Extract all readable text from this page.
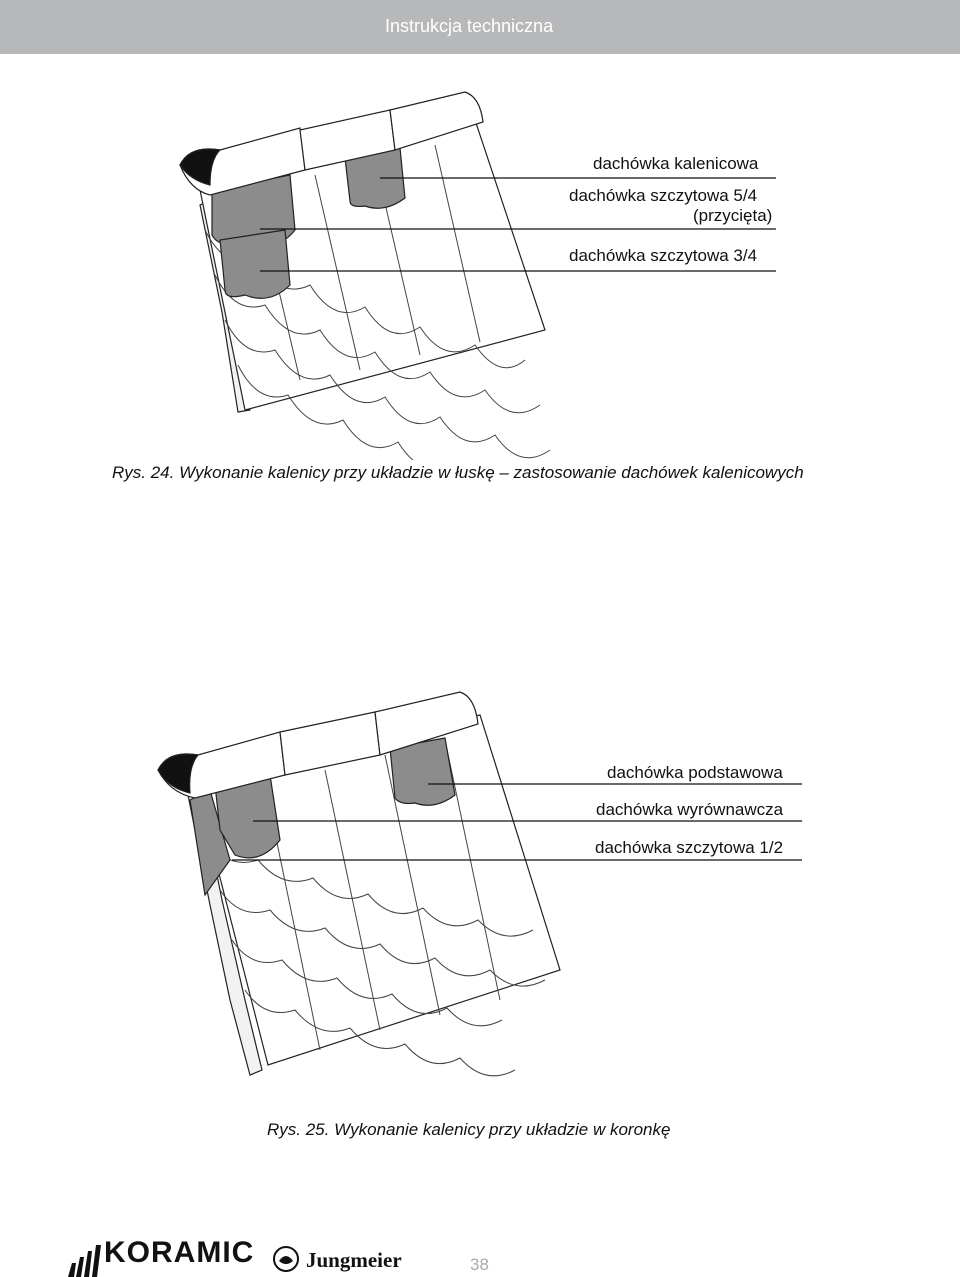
Instrukcja techniczna
dachówka kalenicowa
dachówka szczytowa 5/4
(przycięta)
dachówka szczytowa 3/4
Rys. 24. Wykonanie kalenicy przy układzie w łuskę – zastosowanie dachówek kalenicowych
dachówka podstawowa
dachówka wyrównawcza
dachówka szczytowa 1/2
Rys. 25. Wykonanie kalenicy przy układzie w koronkę
KORAMIC Jungmeier	38
